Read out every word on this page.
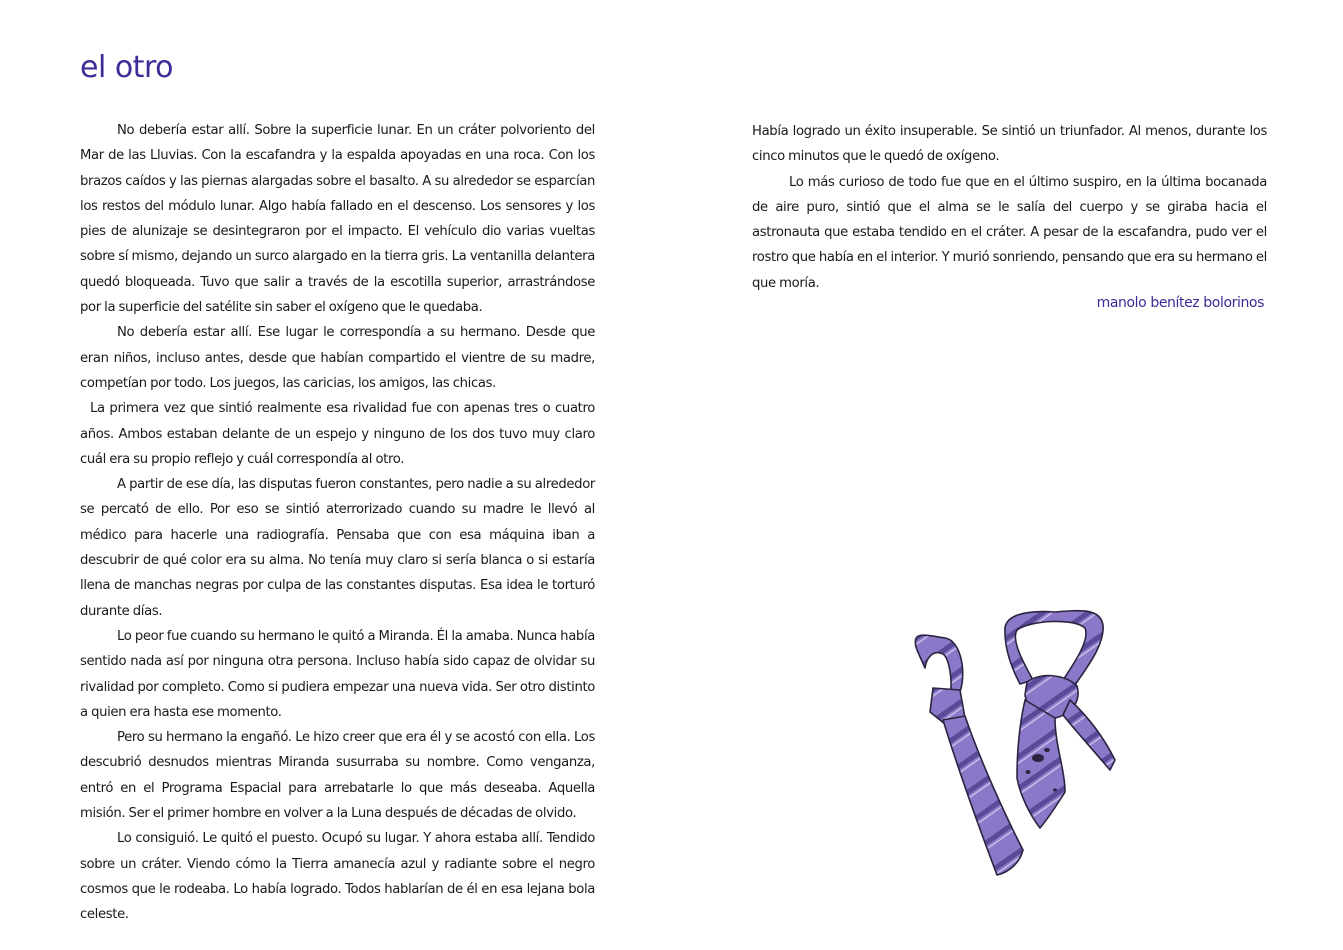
el otro

No debería estar allí. Sobre la superficie lunar. En un cráter polvoriento del Mar de las Lluvias. Con la escafandra y la espalda apoyadas en una roca. Con los brazos caídos y las piernas alargadas sobre el basalto. A su alrededor se esparcían los restos del módulo lunar. Algo había fallado en el descenso. Los sensores y los pies de alunizaje se desintegraron por el impacto. El vehículo dio varias vueltas sobre sí mismo, dejando un surco alargado en la tierra gris. La ventanilla delantera quedó bloqueada. Tuvo que salir a través de la escotilla superior, arrastrándose por la superficie del satélite sin saber el oxígeno que le quedaba.

No debería estar allí. Ese lugar le correspondía a su hermano. Desde que eran niños, incluso antes, desde que habían compartido el vientre de su madre, competían por todo. Los juegos, las caricias, los amigos, las chicas.

La primera vez que sintió realmente esa rivalidad fue con apenas tres o cuatro años. Ambos estaban delante de un espejo y ninguno de los dos tuvo muy claro cuál era su propio reflejo y cuál correspondía al otro.

A partir de ese día, las disputas fueron constantes, pero nadie a su alrededor se percató de ello. Por eso se sintió aterrorizado cuando su madre le llevó al médico para hacerle una radiografía. Pensaba que con esa máquina iban a descubrir de qué color era su alma. No tenía muy claro si sería blanca o si estaría llena de manchas negras por culpa de las constantes disputas. Esa idea le torturó durante días.

Lo peor fue cuando su hermano le quitó a Miranda. Él la amaba. Nunca había sentido nada así por ninguna otra persona. Incluso había sido capaz de olvidar su rivalidad por completo. Como si pudiera empezar una nueva vida. Ser otro distinto a quien era hasta ese momento.

Pero su hermano la engañó. Le hizo creer que era él y se acostó con ella. Los descubrió desnudos mientras Miranda susurraba su nombre. Como venganza, entró en el Programa Espacial para arrebatarle lo que más deseaba. Aquella misión. Ser el primer hombre en volver a la Luna después de décadas de olvido.

Lo consiguió. Le quitó el puesto. Ocupó su lugar. Y ahora estaba allí. Tendido sobre un cráter. Viendo cómo la Tierra amanecía azul y radiante sobre el negro cosmos que le rodeaba. Lo había logrado. Todos hablarían de él en esa lejana bola celeste.

Había logrado un éxito insuperable. Se sintió un triunfador. Al menos, durante los cinco minutos que le quedó de oxígeno.

Lo más curioso de todo fue que en el último suspiro, en la última bocanada de aire puro, sintió que el alma se le salía del cuerpo y se giraba hacia el astronauta que estaba tendido en el cráter. A pesar de la escafandra, pudo ver el rostro que había en el interior. Y murió sonriendo, pensando que era su hermano el que moría.

manolo benítez bolorinos
